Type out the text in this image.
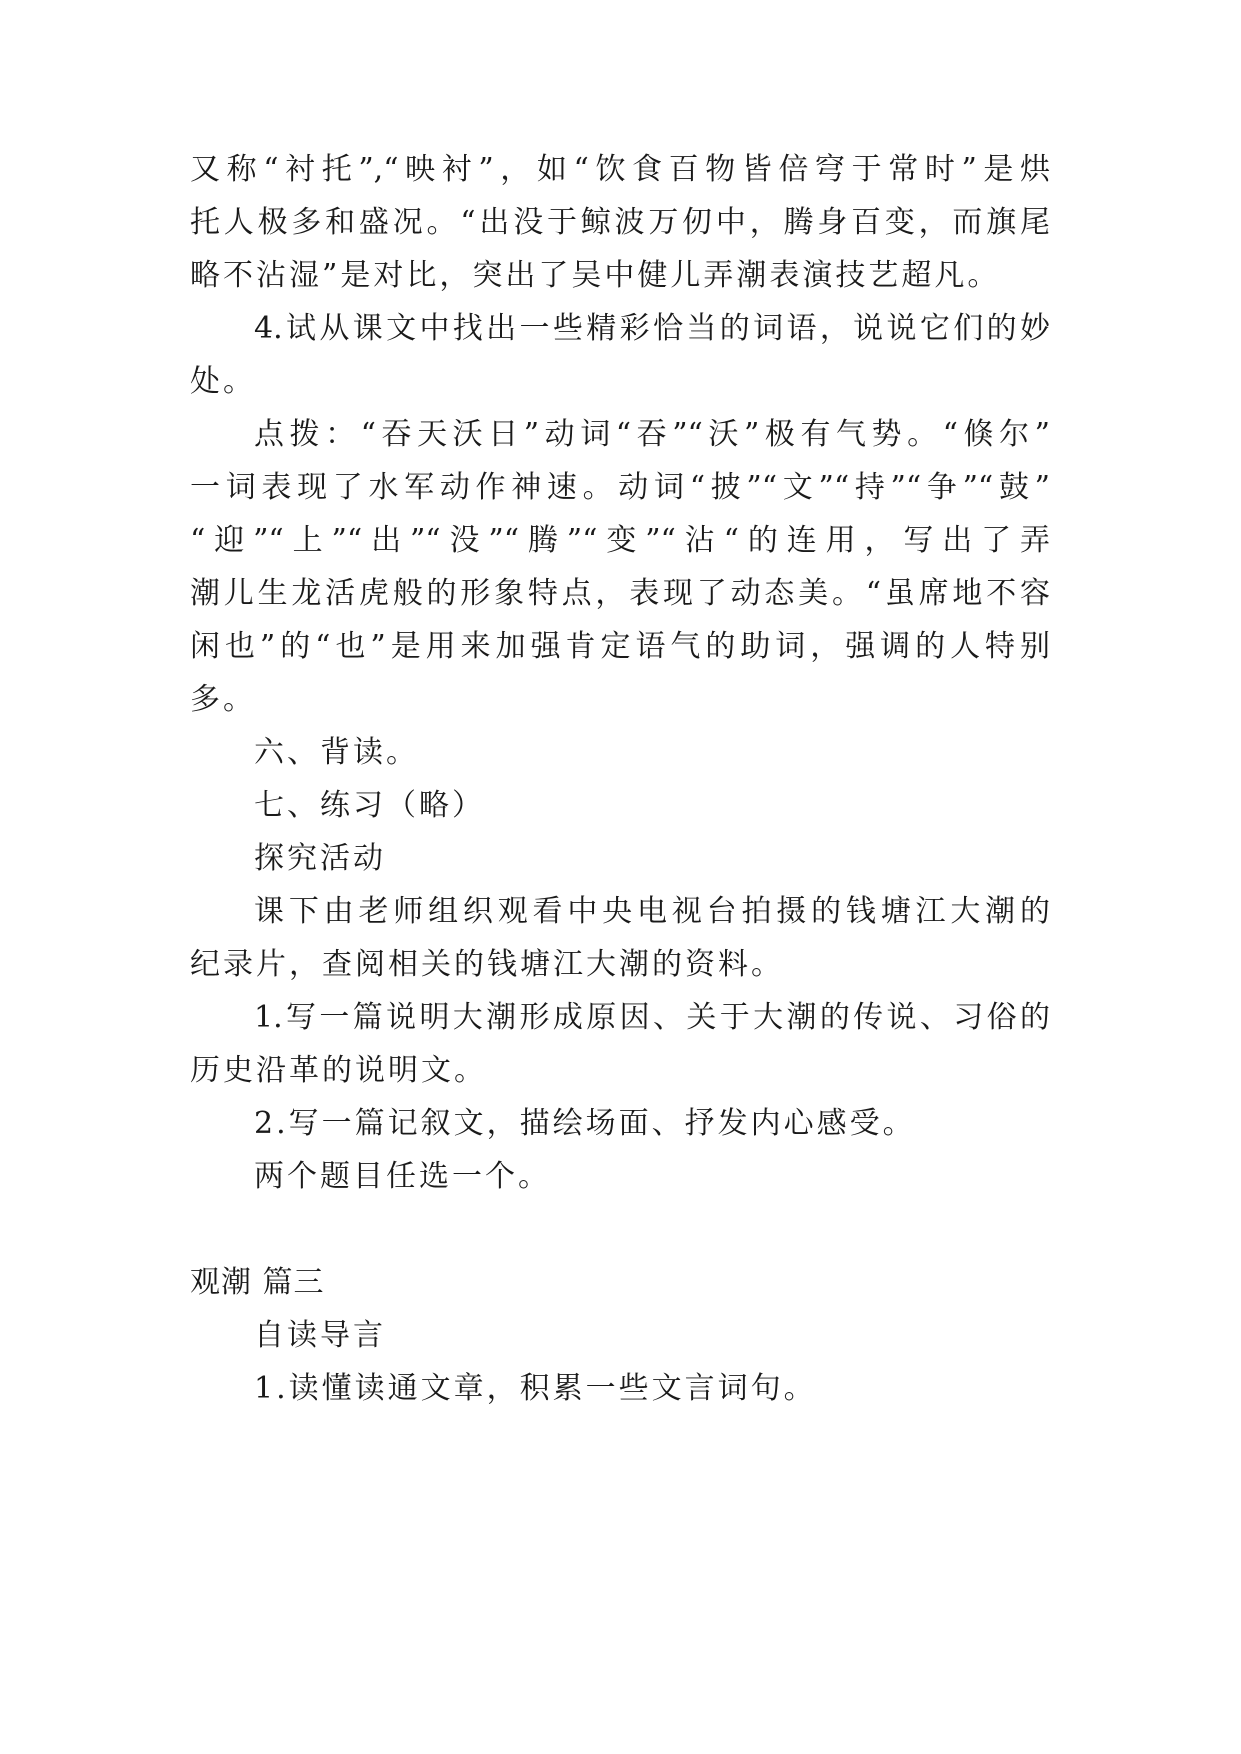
又称“衬托”,“映衬”，如“饮食百物皆倍穹于常时”是烘

托人极多和盛况。“出没于鲸波万仞中，腾身百变，而旗尾

略不沾湿”是对比，突出了吴中健儿弄潮表演技艺超凡。

4.试从课文中找出一些精彩恰当的词语，说说它们的妙

处。

点拨：“吞天沃日”动词“吞”“沃”极有气势。“倏尔”

一词表现了水军动作神速。动词“披”“文”“持”“争”“鼓”

“迎”“上”“出”“没”“腾”“变”“沾“的连用，写出了弄

潮儿生龙活虎般的形象特点，表现了动态美。“虽席地不容

闲也”的“也”是用来加强肯定语气的助词，强调的人特别

多。

六、背读。

七、练习（略）

探究活动

课下由老师组织观看中央电视台拍摄的钱塘江大潮的

纪录片，查阅相关的钱塘江大潮的资料。

1.写一篇说明大潮形成原因、关于大潮的传说、习俗的

历史沿革的说明文。

2.写一篇记叙文，描绘场面、抒发内心感受。

两个题目任选一个。

观潮 篇三

自读导言

1.读懂读通文章，积累一些文言词句。
